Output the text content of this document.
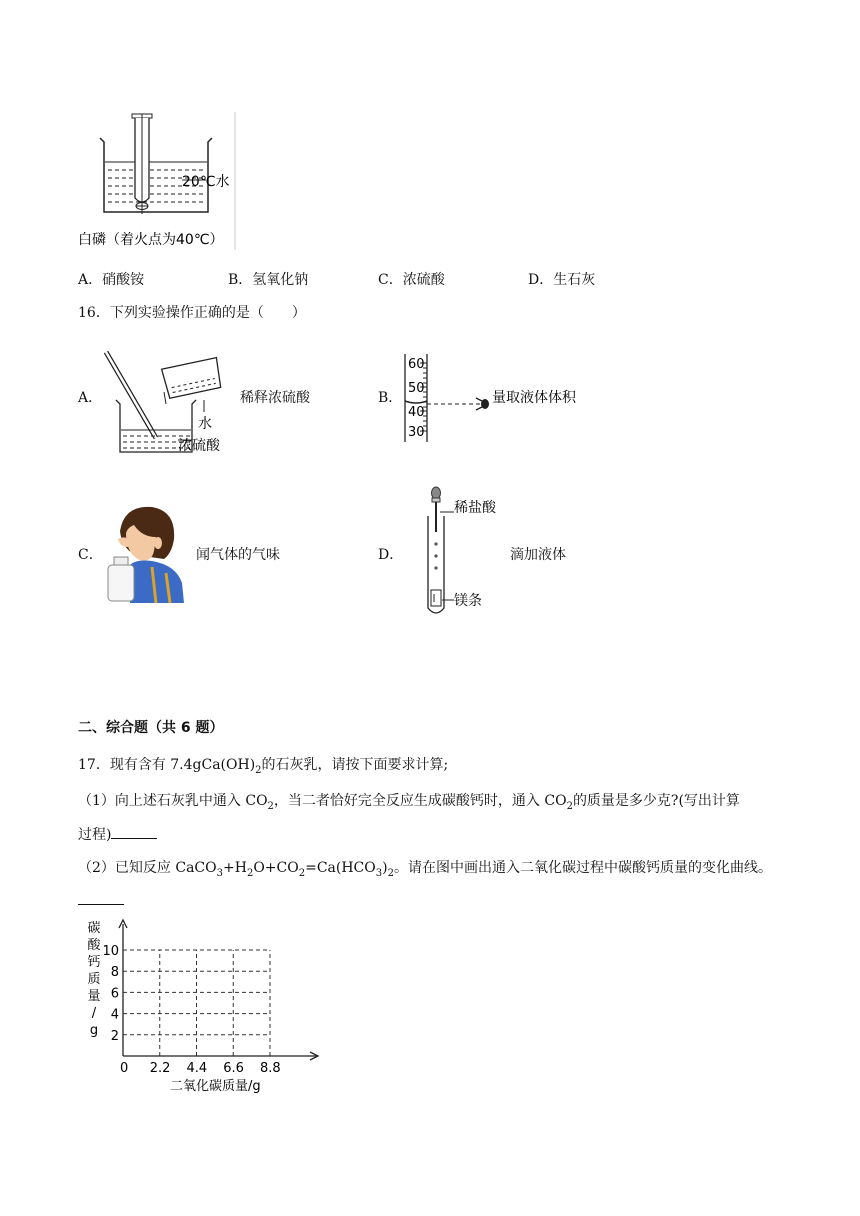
20℃水
白磷（着火点为40℃）
A．硝酸铵	B．氢氧化钠	C．浓硫酸	D．生石灰
16．下列实验操作正确的是（　　）
A．
水
浓硫酸
稀释浓硫酸	B．
60
50
40
30
量取液体体积
C．	闻气体的气味	D．
稀盐酸
镁条
滴加液体
二、综合题（共 6 题）
17．现有含有 $7.4gCa(OH)_2$的石灰乳，请按下面要求计算;
（1）向上述石灰乳中通入 $CO_2$，当二者恰好完全反应生成碳酸钙时，通入 $CO_2$的质量是多少克?(写出计算
过程)
（2）已知反应 $CaCO_3+H_2O+CO_2=Ca(HCO_3)_2$。请在图中画出通入二氧化碳过程中碳酸钙质量的变化曲线。
0 2.2 4.4 6.6 8.8
2
4
6
8
10
碳
酸
钙
质
量
/
g
二氧化碳质量/g
